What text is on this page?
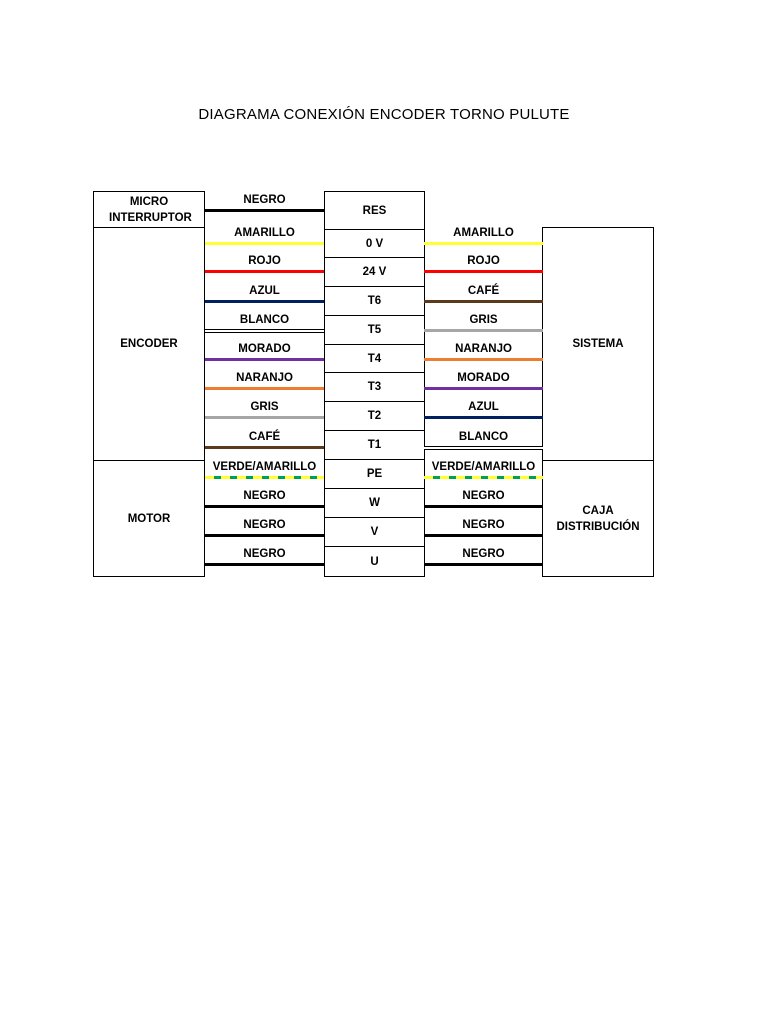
DIAGRAMA CONEXIÓN ENCODER TORNO PULUTE
MICRO INTERRUPTOR
ENCODER
MOTOR
SISTEMA
CAJA DISTRIBUCIÓN
RES
0 V
24 V
T6
T5
T4
T3
T2
T1
PE
W
V
U
NEGRO
AMARILLO
ROJO
AZUL
BLANCO
MORADO
NARANJO
GRIS
CAFÉ
VERDE/AMARILLO
NEGRO
NEGRO
NEGRO
AMARILLO
ROJO
CAFÉ
GRIS
NARANJO
MORADO
AZUL
BLANCO
VERDE/AMARILLO
NEGRO
NEGRO
NEGRO
